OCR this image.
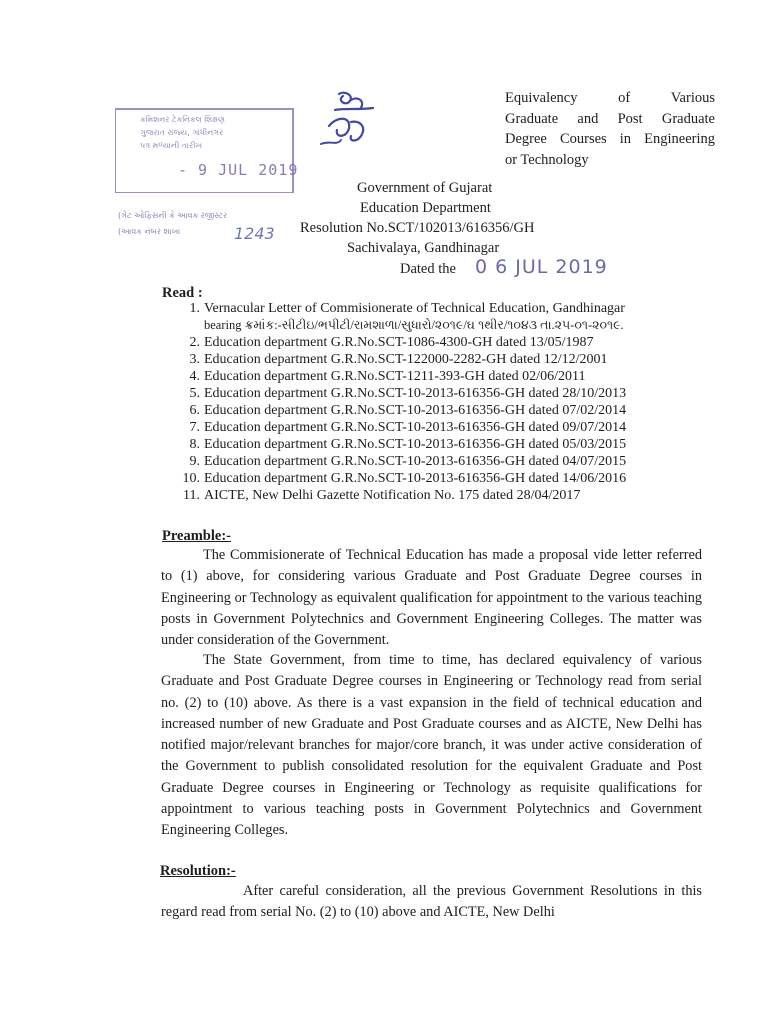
કમિશનર ટેકનિકલ શિક્ષણ
ગુજરાત રાજ્ય, ગાંધીનગર
પત્ર મળ્યાની તારીખ
- 9 JUL 2019
(ગેટ ઓફિસની કે આવક રજીસ્ટર
(આવક નંબર શાખા	1243
Equivalency of Various
Graduate and Post Graduate
Degree Courses in Engineering
or Technology
Government of Gujarat
Education Department
Resolution No.SCT/102013/616356/GH
Sachivalaya, Gandhinagar
Dated the 0 6 JUL 2019
Read :
1. Vernacular Letter of Commisionerate of Technical Education, Gandhinagar
bearing ક્રમાંક:-સીટીઇ/ભપીટી/રામશાળા/સુધારો/૨૦૧૯/ઘ ૧થીર/૧૦૪૩ તા.૨૫-૦૧-૨૦૧૯.
2. Education department G.R.No.SCT-1086-4300-GH dated 13/05/1987
3. Education department G.R.No.SCT-122000-2282-GH dated 12/12/2001
4. Education department G.R.No.SCT-1211-393-GH dated 02/06/2011
5. Education department G.R.No.SCT-10-2013-616356-GH dated 28/10/2013
6. Education department G.R.No.SCT-10-2013-616356-GH dated 07/02/2014
7. Education department G.R.No.SCT-10-2013-616356-GH dated 09/07/2014
8. Education department G.R.No.SCT-10-2013-616356-GH dated 05/03/2015
9. Education department G.R.No.SCT-10-2013-616356-GH dated 04/07/2015
10. Education department G.R.No.SCT-10-2013-616356-GH dated 14/06/2016
11. AICTE, New Delhi Gazette Notification No. 175 dated 28/04/2017
Preamble:-

The Commisionerate of Technical Education has made a proposal vide letter referred to (1) above, for considering various Graduate and Post Graduate Degree courses in Engineering or Technology as equivalent qualification for appointment to the various teaching posts in Government Polytechnics and Government Engineering Colleges. The matter was under consideration of the Government.

The State Government, from time to time, has declared equivalency of various Graduate and Post Graduate Degree courses in Engineering or Technology read from serial no. (2) to (10) above. As there is a vast expansion in the field of technical education and increased number of new Graduate and Post Graduate courses and as AICTE, New Delhi has notified major/relevant branches for major/core branch, it was under active consideration of the Government to publish consolidated resolution for the equivalent Graduate and Post Graduate Degree courses in Engineering or Technology as requisite qualifications for appointment to various teaching posts in Government Polytechnics and Government Engineering Colleges.

Resolution:-

After careful consideration, all the previous Government Resolutions in this regard read from serial No. (2) to (10) above and AICTE, New Delhi
